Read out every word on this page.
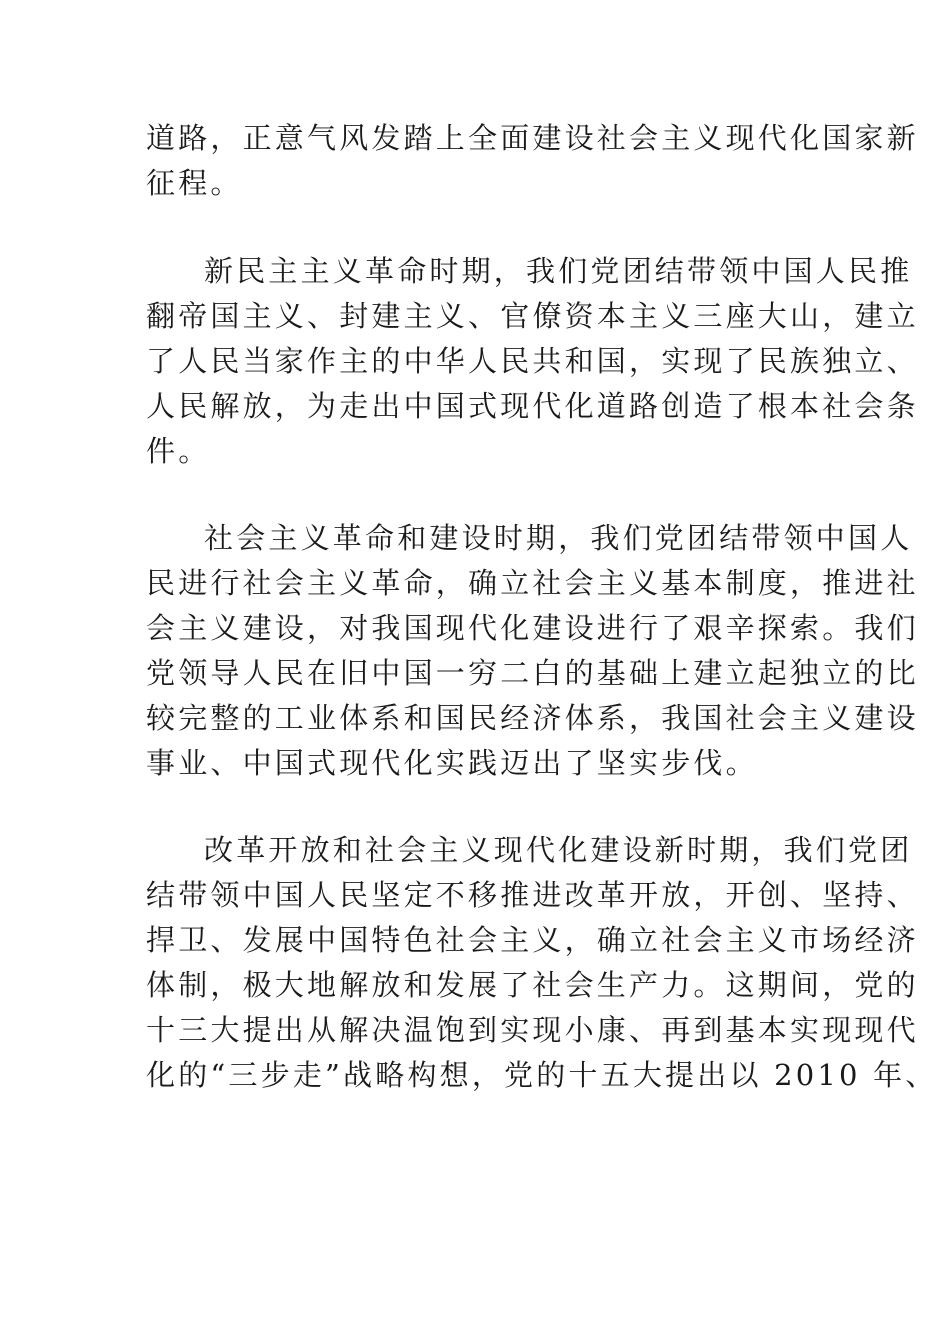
道路，正意气风发踏上全面建设社会主义现代化国家新
征程。
新民主主义革命时期，我们党团结带领中国人民推
翻帝国主义、封建主义、官僚资本主义三座大山，建立
了人民当家作主的中华人民共和国，实现了民族独立、
人民解放，为走出中国式现代化道路创造了根本社会条
件。
社会主义革命和建设时期，我们党团结带领中国人
民进行社会主义革命，确立社会主义基本制度，推进社
会主义建设，对我国现代化建设进行了艰辛探索。我们
党领导人民在旧中国一穷二白的基础上建立起独立的比
较完整的工业体系和国民经济体系，我国社会主义建设
事业、中国式现代化实践迈出了坚实步伐。
改革开放和社会主义现代化建设新时期，我们党团
结带领中国人民坚定不移推进改革开放，开创、坚持、
捍卫、发展中国特色社会主义，确立社会主义市场经济
体制，极大地解放和发展了社会生产力。这期间，党的
十三大提出从解决温饱到实现小康、再到基本实现现代
化的“三步走”战略构想，党的十五大提出以 2010 年、
